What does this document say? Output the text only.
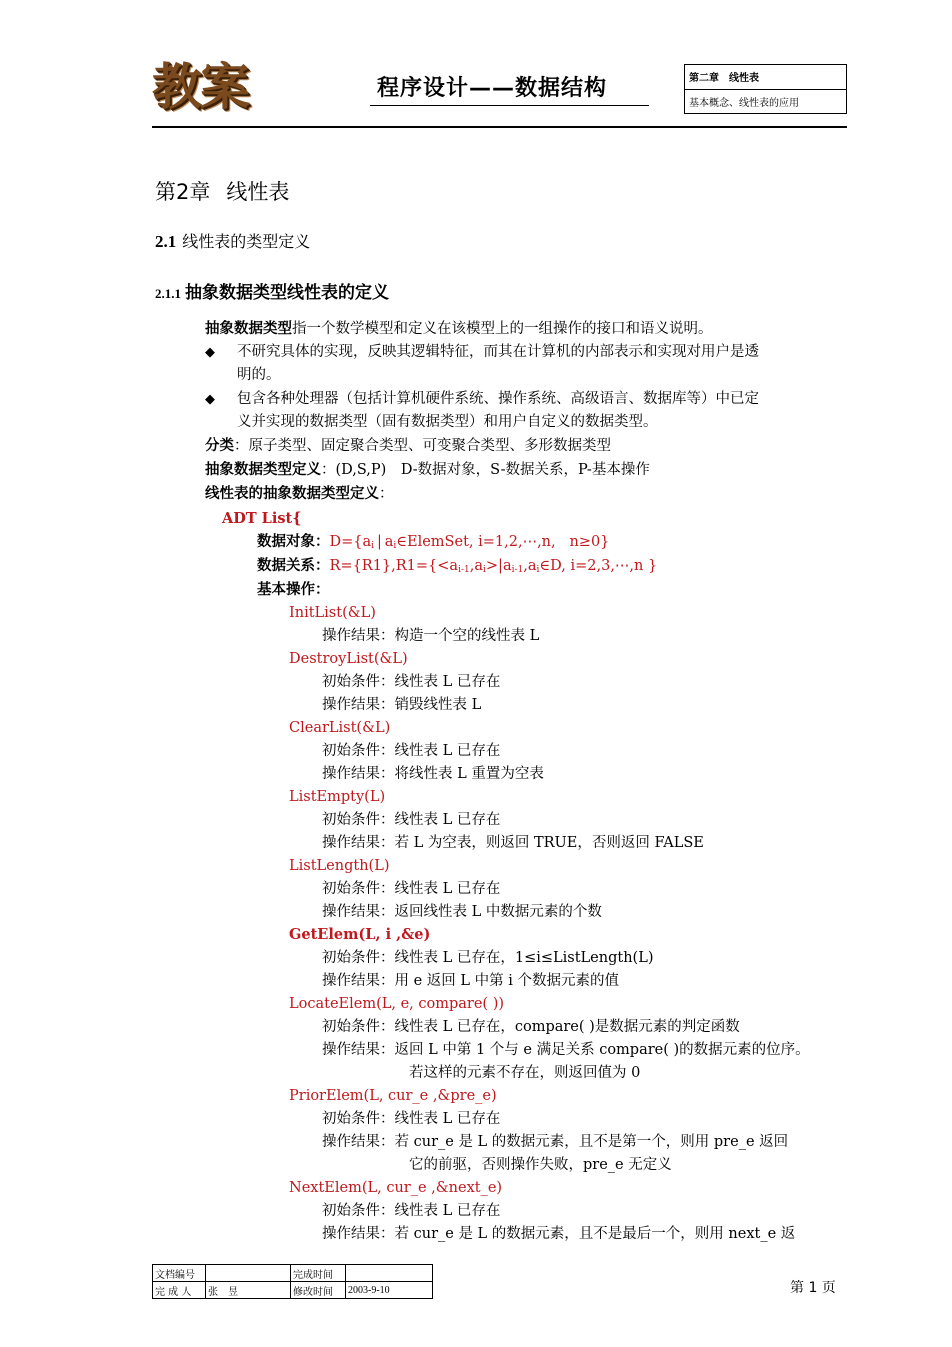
教案	程序设计——数据结构	第二章　线性表
基本概念、线性表的应用
第2章 线性表
2.1 线性表的类型定义
2.1.1 抽象数据类型线性表的定义
抽象数据类型指一个数学模型和定义在该模型上的一组操作的接口和语义说明。
◆ 不研究具体的实现，反映其逻辑特征，而其在计算机的内部表示和实现对用户是透
明的。
◆ 包含各种处理器（包括计算机硬件系统、操作系统、高级语言、数据库等）中已定
义并实现的数据类型（固有数据类型）和用户自定义的数据类型。
分类：原子类型、固定聚合类型、可变聚合类型、多形数据类型
抽象数据类型定义：(D,S,P)　D-数据对象，S-数据关系，P-基本操作
线性表的抽象数据类型定义：
ADT List{
数据对象：$D=\{a_i$ | $a_i\in ElemSet$, i=1,2,⋯,n,   n≥0}
数据关系：$R=\{R1\},R1=\{<a_{i-1},a_i>|a_{i-1},a_i\in D$, i=2,3,⋯,n }
基本操作：
InitList(&L)
操作结果：构造一个空的线性表 L
DestroyList(&L)
初始条件：线性表 L 已存在
操作结果：销毁线性表 L
ClearList(&L)
初始条件：线性表 L 已存在
操作结果：将线性表 L 重置为空表
ListEmpty(L)
初始条件：线性表 L 已存在
操作结果：若 L 为空表，则返回 TRUE，否则返回 FALSE
ListLength(L)
初始条件：线性表 L 已存在
操作结果：返回线性表 L 中数据元素的个数
GetElem(L, i ,&e)
初始条件：线性表 L 已存在，1≤i≤ListLength(L)
操作结果：用 e 返回 L 中第 i 个数据元素的值
LocateElem(L, e, compare( ))
初始条件：线性表 L 已存在，compare( )是数据元素的判定函数
操作结果：返回 L 中第 1 个与 e 满足关系 compare( )的数据元素的位序。
若这样的元素不存在，则返回值为 0
PriorElem(L, cur_e ,&pre_e)
初始条件：线性表 L 已存在
操作结果：若 cur_e 是 L 的数据元素，且不是第一个，则用 pre_e 返回
它的前驱，否则操作失败，pre_e 无定义
NextElem(L, cur_e ,&next_e)
初始条件：线性表 L 已存在
操作结果：若 cur_e 是 L 的数据元素，且不是最后一个，则用 next_e 返
文档编号		完成时间	
完 成 人	张　昱	修改时间	2003-9-10	第 1 页
